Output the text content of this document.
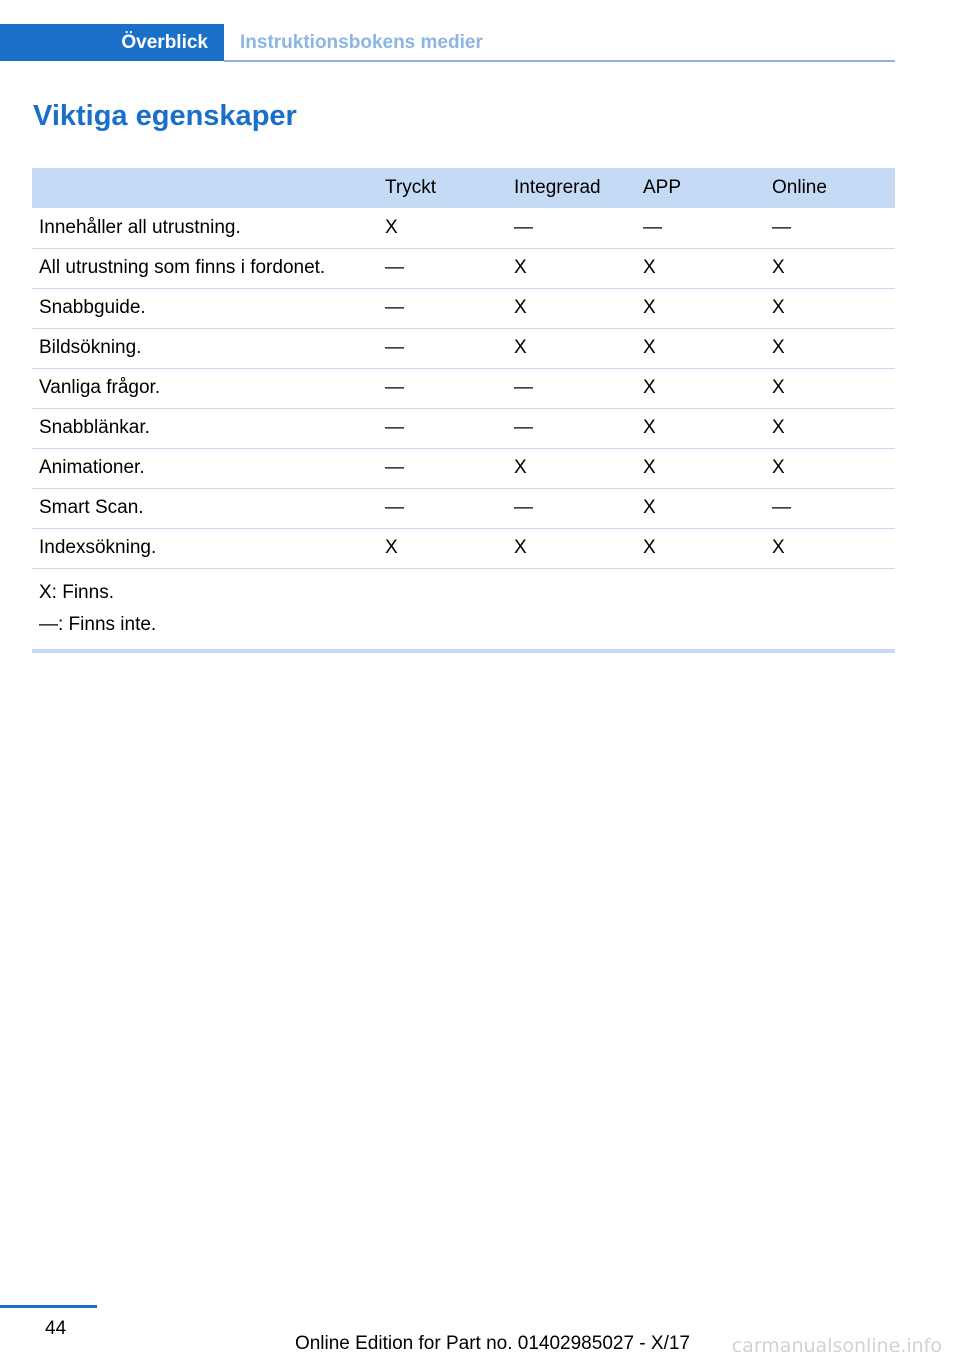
Överblick Instruktionsbokens medier
Viktiga egenskaper
	Tryckt	Integrerad	APP	Online
Innehåller all utrustning.	X	—	—	—
All utrustning som finns i fordonet.	—	X	X	X
Snabbguide.	—	X	X	X
Bildsökning.	—	X	X	X
Vanliga frågor.	—	—	X	X
Snabblänkar.	—	—	X	X
Animationer.	—	X	X	X
Smart Scan.	—	—	X	—
Indexsökning.	X	X	X	X

X: Finns.
—: Finns inte.				
44
Online Edition for Part no. 01402985027 - X/17 carmanualsonline.info
